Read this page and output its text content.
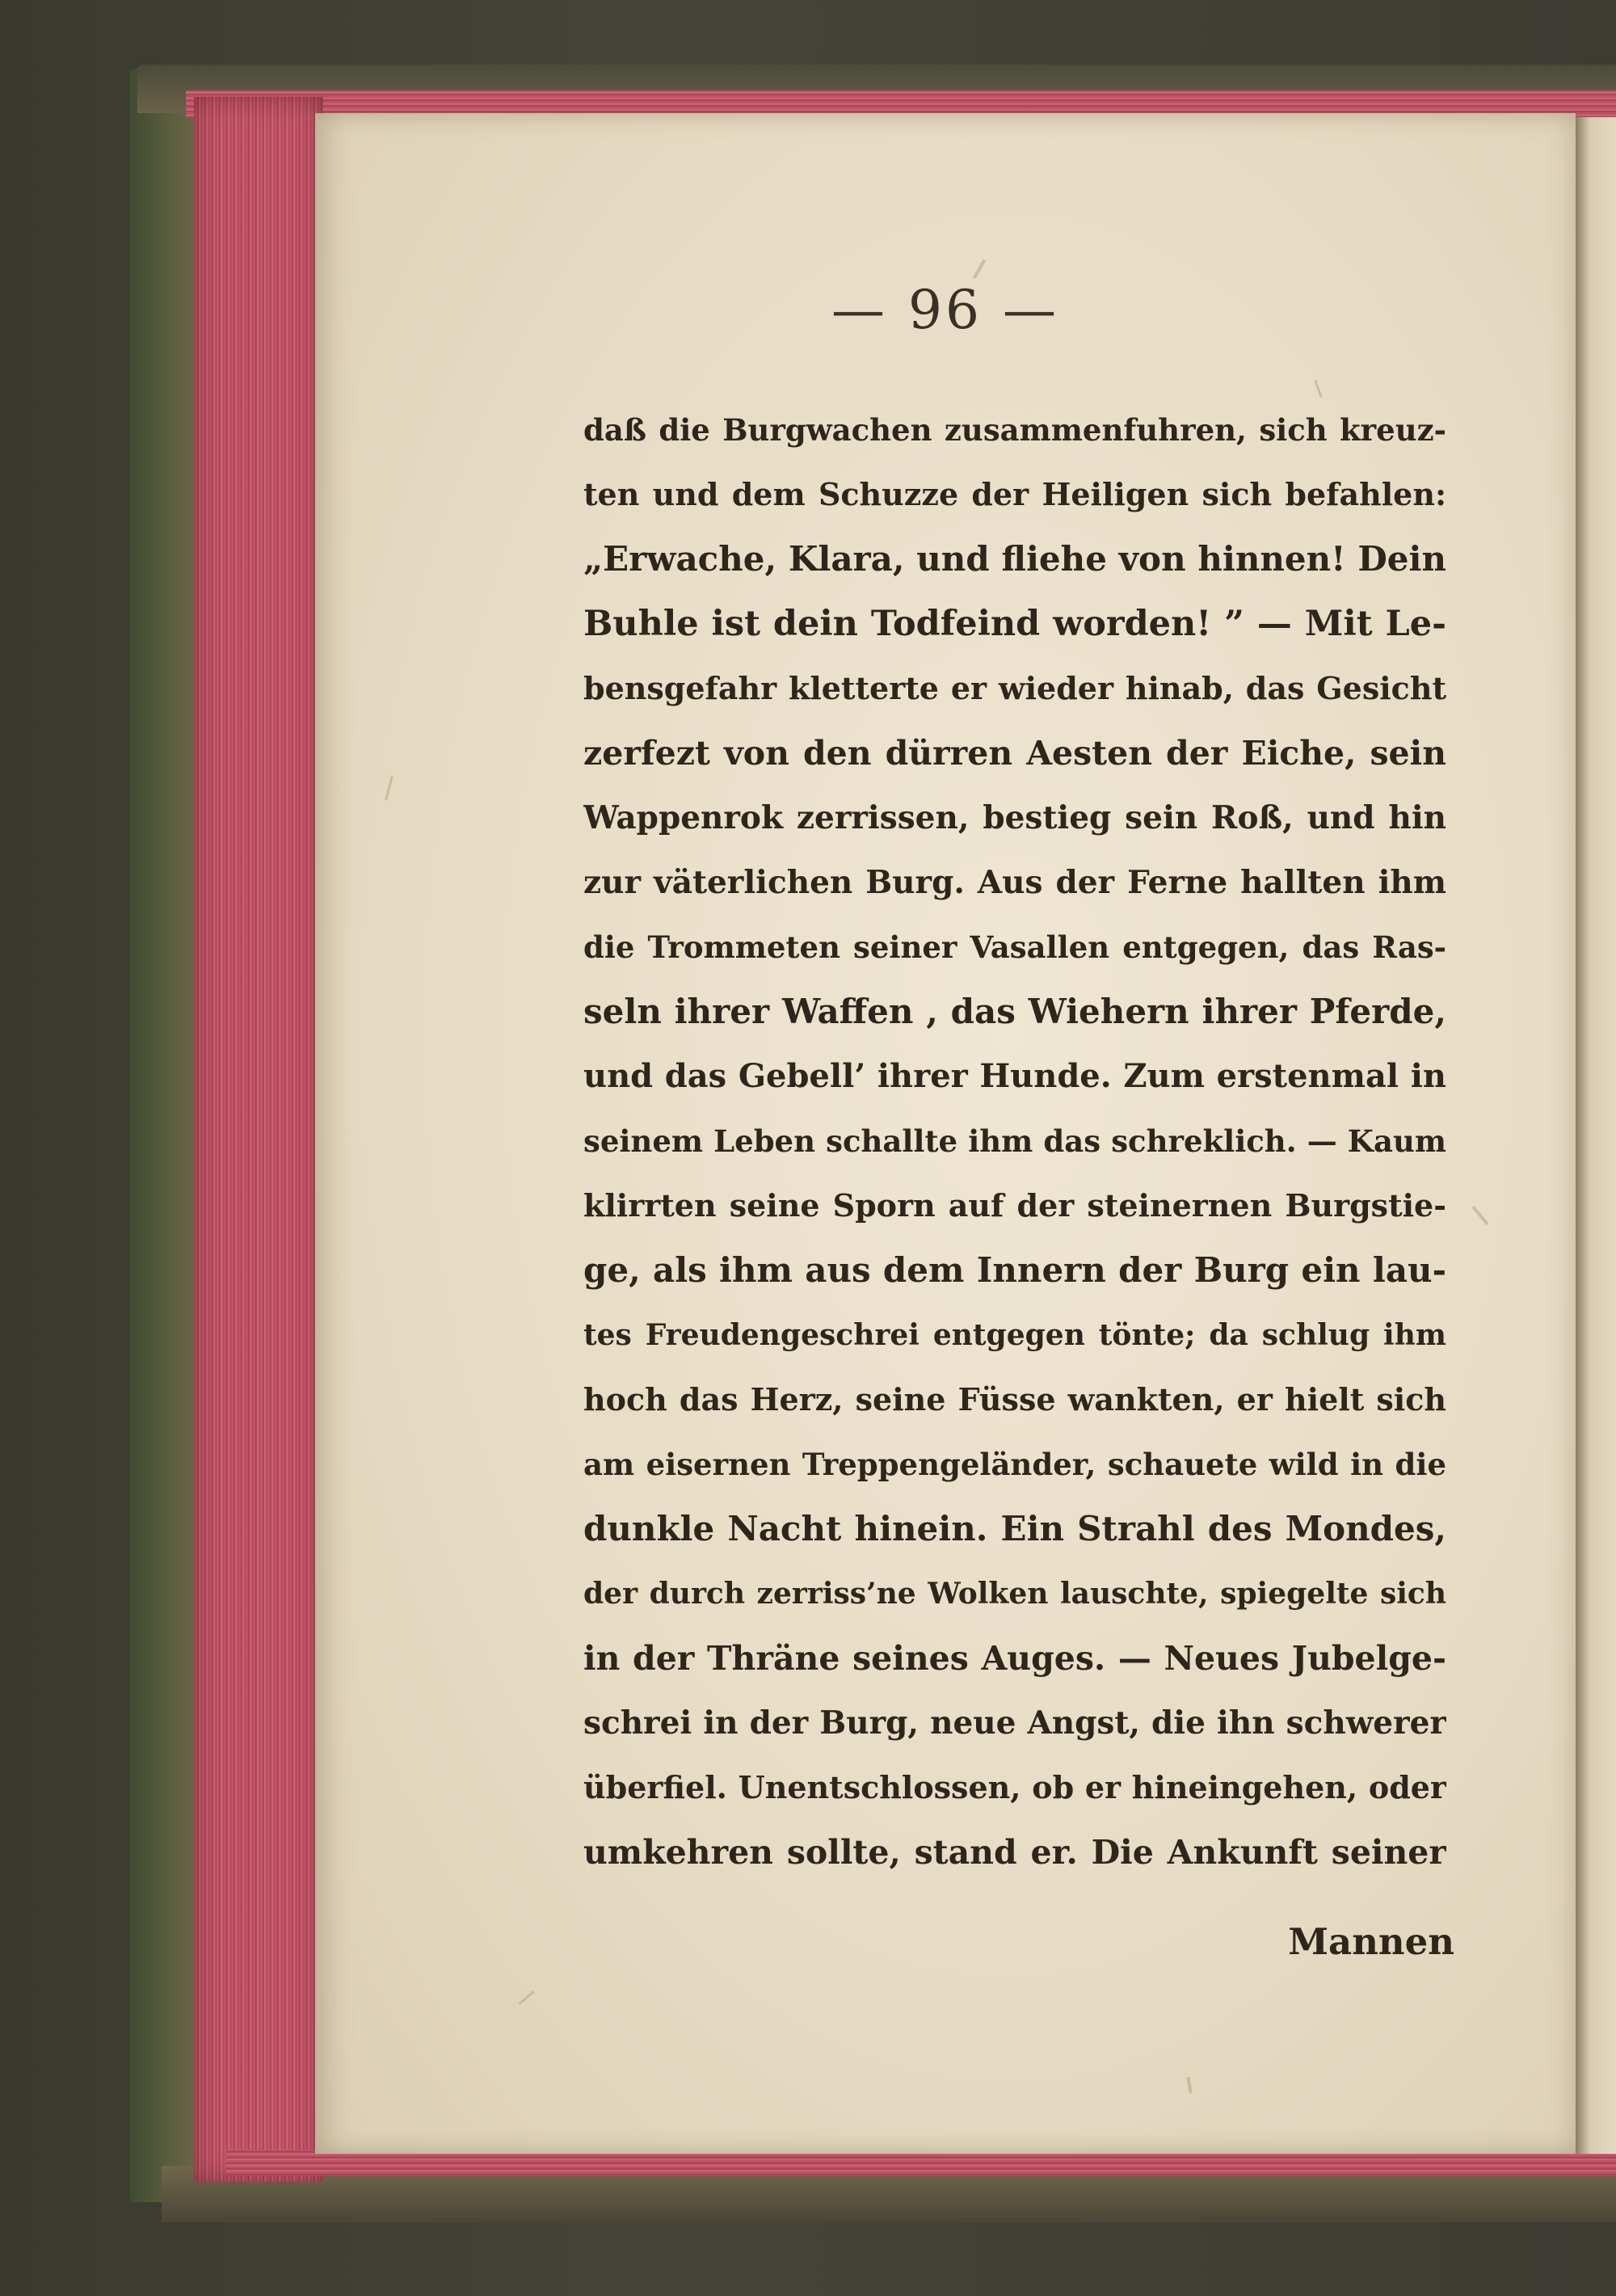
— 96 —
daß die Burgwachen zusammenfuhren, sich kreuz-
ten und dem Schuzze der Heiligen sich befahlen:
„Erwache, Klara, und fliehe von hinnen! Dein
Buhle ist dein Todfeind worden! ” — Mit Le-
bensgefahr kletterte er wieder hinab, das Gesicht
zerfezt von den dürren Aesten der Eiche, sein
Wappenrok zerrissen, bestieg sein Roß, und hin
zur väterlichen Burg. Aus der Ferne hallten ihm
die Trommeten seiner Vasallen entgegen, das Ras-
seln ihrer Waffen , das Wiehern ihrer Pferde,
und das Gebell’ ihrer Hunde. Zum erstenmal in
seinem Leben schallte ihm das schreklich. — Kaum
klirrten seine Sporn auf der steinernen Burgstie-
ge, als ihm aus dem Innern der Burg ein lau-
tes Freudengeschrei entgegen tönte; da schlug ihm
hoch das Herz, seine Füsse wankten, er hielt sich
am eisernen Treppengeländer, schauete wild in die
dunkle Nacht hinein. Ein Strahl des Mondes,
der durch zerriss’ne Wolken lauschte, spiegelte sich
in der Thräne seines Auges. — Neues Jubelge-
schrei in der Burg, neue Angst, die ihn schwerer
überfiel. Unentschlossen, ob er hineingehen, oder
umkehren sollte, stand er. Die Ankunft seiner
Mannen
